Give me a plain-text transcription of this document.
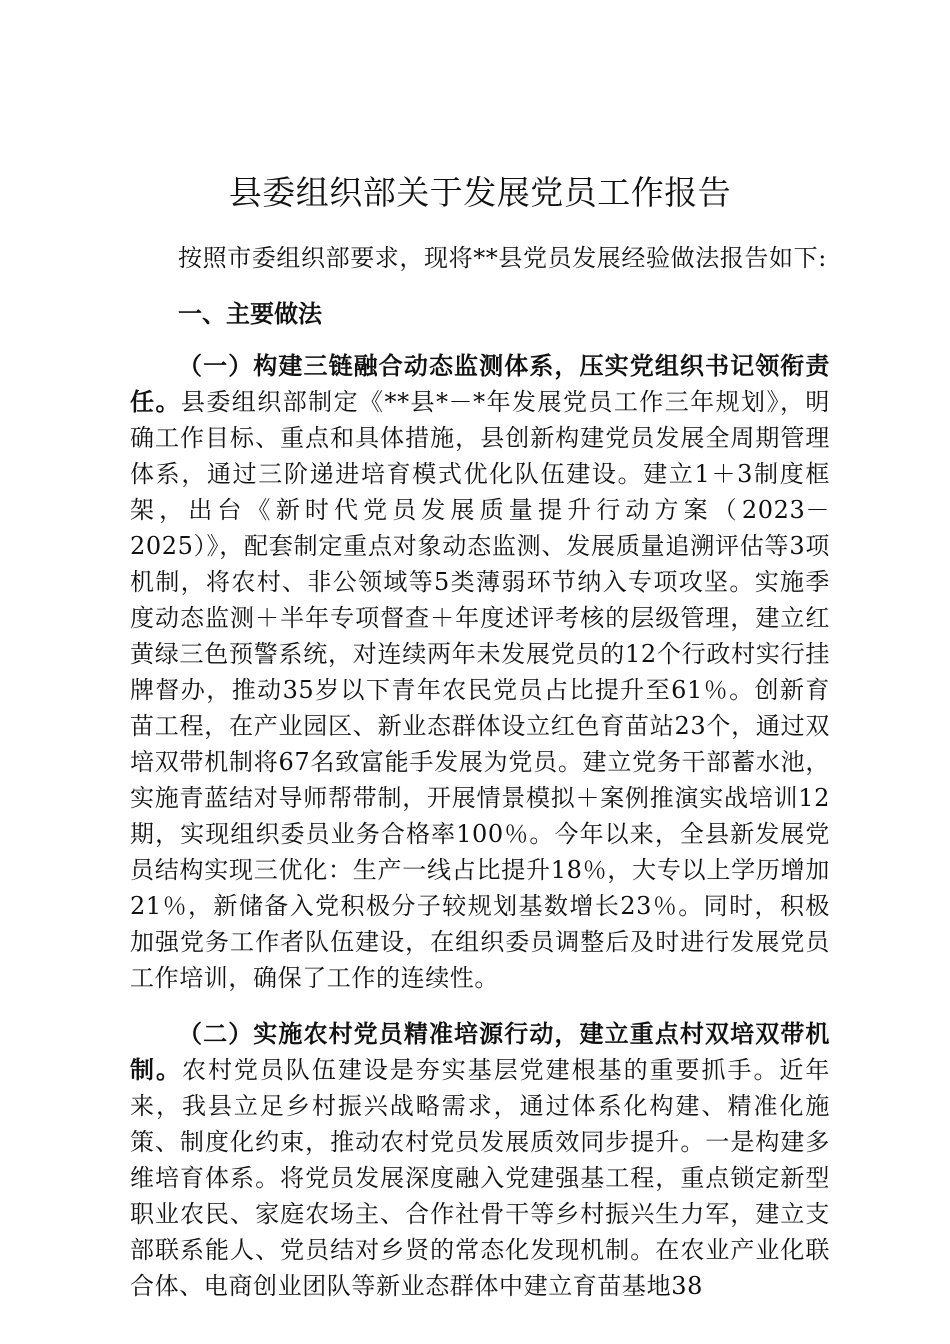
县委组织部关于发展党员工作报告

按照市委组织部要求，现将**县党员发展经验做法报告如下:

一、主要做法

（一）构建三链融合动态监测体系，压实党组织书记领衔责任。县委组织部制定《**县*－*年发展党员工作三年规划》，明确工作目标、重点和具体措施，县创新构建党员发展全周期管理体系，通过三阶递进培育模式优化队伍建设。建立1＋3制度框架，出台《新时代党员发展质量提升行动方案（2023－2025）》，配套制定重点对象动态监测、发展质量追溯评估等3项机制，将农村、非公领域等5类薄弱环节纳入专项攻坚。实施季度动态监测＋半年专项督查＋年度述评考核的层级管理，建立红黄绿三色预警系统，对连续两年未发展党员的12个行政村实行挂牌督办，推动35岁以下青年农民党员占比提升至61％。创新育苗工程，在产业园区、新业态群体设立红色育苗站23个，通过双培双带机制将67名致富能手发展为党员。建立党务干部蓄水池，实施青蓝结对导师帮带制，开展情景模拟＋案例推演实战培训12期，实现组织委员业务合格率100％。今年以来，全县新发展党员结构实现三优化：生产一线占比提升18％，大专以上学历增加21％，新储备入党积极分子较规划基数增长23％。同时，积极加强党务工作者队伍建设，在组织委员调整后及时进行发展党员工作培训，确保了工作的连续性。

（二）实施农村党员精准培源行动，建立重点村双培双带机制。农村党员队伍建设是夯实基层党建根基的重要抓手。近年来，我县立足乡村振兴战略需求，通过体系化构建、精准化施策、制度化约束，推动农村党员发展质效同步提升。一是构建多维培育体系。将党员发展深度融入党建强基工程，重点锁定新型职业农民、家庭农场主、合作社骨干等乡村振兴生力军，建立支部联系能人、党员结对乡贤的常态化发现机制。在农业产业化联合体、电商创业团队等新业态群体中建立育苗基地38
